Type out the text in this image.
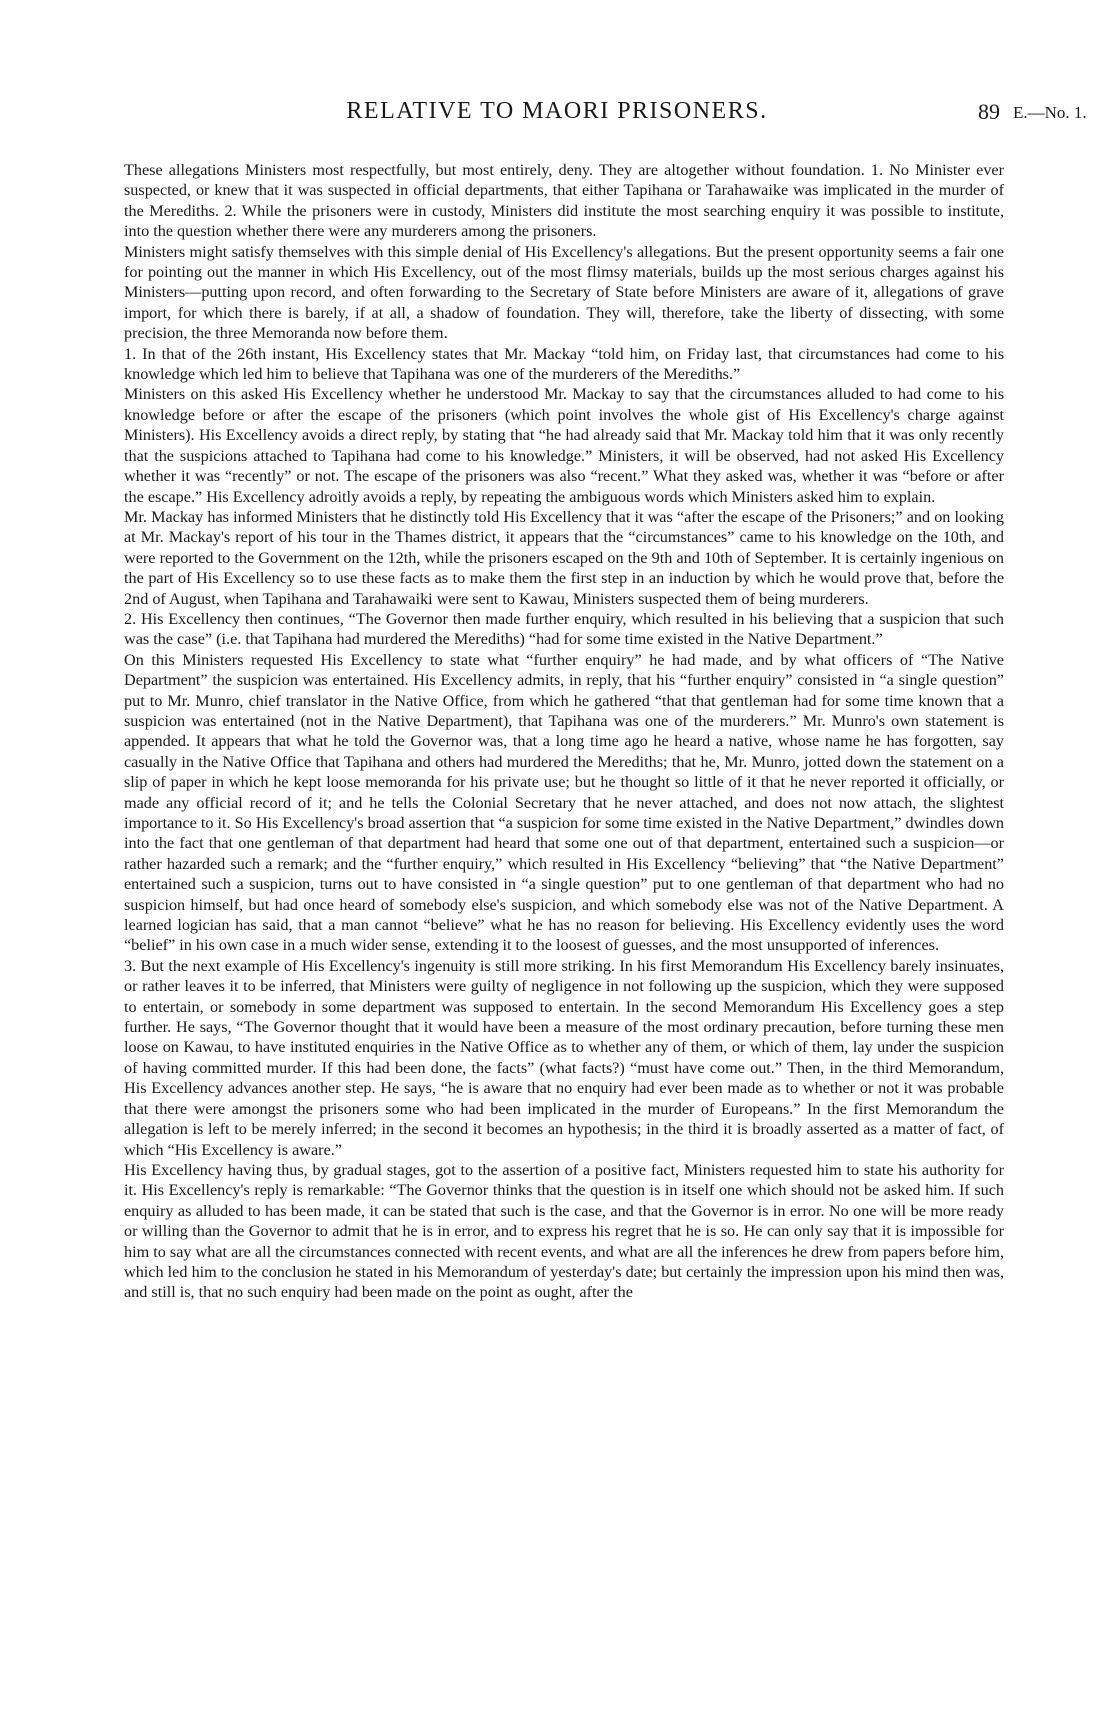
RELATIVE TO MAORI PRISONERS.	89 E.—No. 1.

These allegations Ministers most respectfully, but most entirely, deny. They are altogether without foundation. 1. No Minister ever suspected, or knew that it was suspected in official departments, that either Tapihana or Tarahawaike was implicated in the murder of the Merediths. 2. While the prisoners were in custody, Ministers did institute the most searching enquiry it was possible to institute, into the question whether there were any murderers among the prisoners.

Ministers might satisfy themselves with this simple denial of His Excellency's allegations. But the present opportunity seems a fair one for pointing out the manner in which His Excellency, out of the most flimsy materials, builds up the most serious charges against his Ministers—putting upon record, and often forwarding to the Secretary of State before Ministers are aware of it, allegations of grave import, for which there is barely, if at all, a shadow of foundation. They will, therefore, take the liberty of dissecting, with some precision, the three Memoranda now before them.

1. In that of the 26th instant, His Excellency states that Mr. Mackay “told him, on Friday last, that circumstances had come to his knowledge which led him to believe that Tapihana was one of the murderers of the Merediths.”

Ministers on this asked His Excellency whether he understood Mr. Mackay to say that the circumstances alluded to had come to his knowledge before or after the escape of the prisoners (which point involves the whole gist of His Excellency's charge against Ministers). His Excellency avoids a direct reply, by stating that “he had already said that Mr. Mackay told him that it was only recently that the suspicions attached to Tapihana had come to his knowledge.” Ministers, it will be observed, had not asked His Excellency whether it was “recently” or not. The escape of the prisoners was also “recent.” What they asked was, whether it was “before or after the escape.” His Excellency adroitly avoids a reply, by repeating the ambiguous words which Ministers asked him to explain.

Mr. Mackay has informed Ministers that he distinctly told His Excellency that it was “after the escape of the Prisoners;” and on looking at Mr. Mackay's report of his tour in the Thames district, it appears that the “circumstances” came to his knowledge on the 10th, and were reported to the Government on the 12th, while the prisoners escaped on the 9th and 10th of September. It is certainly ingenious on the part of His Excellency so to use these facts as to make them the first step in an induction by which he would prove that, before the 2nd of August, when Tapihana and Tarahawaiki were sent to Kawau, Ministers suspected them of being murderers.

2. His Excellency then continues, “The Governor then made further enquiry, which resulted in his believing that a suspicion that such was the case” (i.e. that Tapihana had murdered the Merediths) “had for some time existed in the Native Department.”

On this Ministers requested His Excellency to state what “further enquiry” he had made, and by what officers of “The Native Department” the suspicion was entertained. His Excellency admits, in reply, that his “further enquiry” consisted in “a single question” put to Mr. Munro, chief translator in the Native Office, from which he gathered “that that gentleman had for some time known that a suspicion was entertained (not in the Native Department), that Tapihana was one of the murderers.” Mr. Munro's own statement is appended. It appears that what he told the Governor was, that a long time ago he heard a native, whose name he has forgotten, say casually in the Native Office that Tapihana and others had murdered the Merediths; that he, Mr. Munro, jotted down the statement on a slip of paper in which he kept loose memoranda for his private use; but he thought so little of it that he never reported it officially, or made any official record of it; and he tells the Colonial Secretary that he never attached, and does not now attach, the slightest importance to it. So His Excellency's broad assertion that “a suspicion for some time existed in the Native Department,” dwindles down into the fact that one gentleman of that department had heard that some one out of that department, entertained such a suspicion—or rather hazarded such a remark; and the “further enquiry,” which resulted in His Excellency “believing” that “the Native Department” entertained such a suspicion, turns out to have consisted in “a single question” put to one gentleman of that department who had no suspicion himself, but had once heard of somebody else's suspicion, and which somebody else was not of the Native Department. A learned logician has said, that a man cannot “believe” what he has no reason for believing. His Excellency evidently uses the word “belief” in his own case in a much wider sense, extending it to the loosest of guesses, and the most unsupported of inferences.

3. But the next example of His Excellency's ingenuity is still more striking. In his first Memorandum His Excellency barely insinuates, or rather leaves it to be inferred, that Ministers were guilty of negligence in not following up the suspicion, which they were supposed to entertain, or somebody in some department was supposed to entertain. In the second Memorandum His Excellency goes a step further. He says, “The Governor thought that it would have been a measure of the most ordinary precaution, before turning these men loose on Kawau, to have instituted enquiries in the Native Office as to whether any of them, or which of them, lay under the suspicion of having committed murder. If this had been done, the facts” (what facts?) “must have come out.” Then, in the third Memorandum, His Excellency advances another step. He says, “he is aware that no enquiry had ever been made as to whether or not it was probable that there were amongst the prisoners some who had been implicated in the murder of Europeans.” In the first Memorandum the allegation is left to be merely inferred; in the second it becomes an hypothesis; in the third it is broadly asserted as a matter of fact, of which “His Excellency is aware.”

His Excellency having thus, by gradual stages, got to the assertion of a positive fact, Ministers requested him to state his authority for it. His Excellency's reply is remarkable: “The Governor thinks that the question is in itself one which should not be asked him. If such enquiry as alluded to has been made, it can be stated that such is the case, and that the Governor is in error. No one will be more ready or willing than the Governor to admit that he is in error, and to express his regret that he is so. He can only say that it is impossible for him to say what are all the circumstances connected with recent events, and what are all the inferences he drew from papers before him, which led him to the conclusion he stated in his Memorandum of yesterday's date; but certainly the impression upon his mind then was, and still is, that no such enquiry had been made on the point as ought, after the
